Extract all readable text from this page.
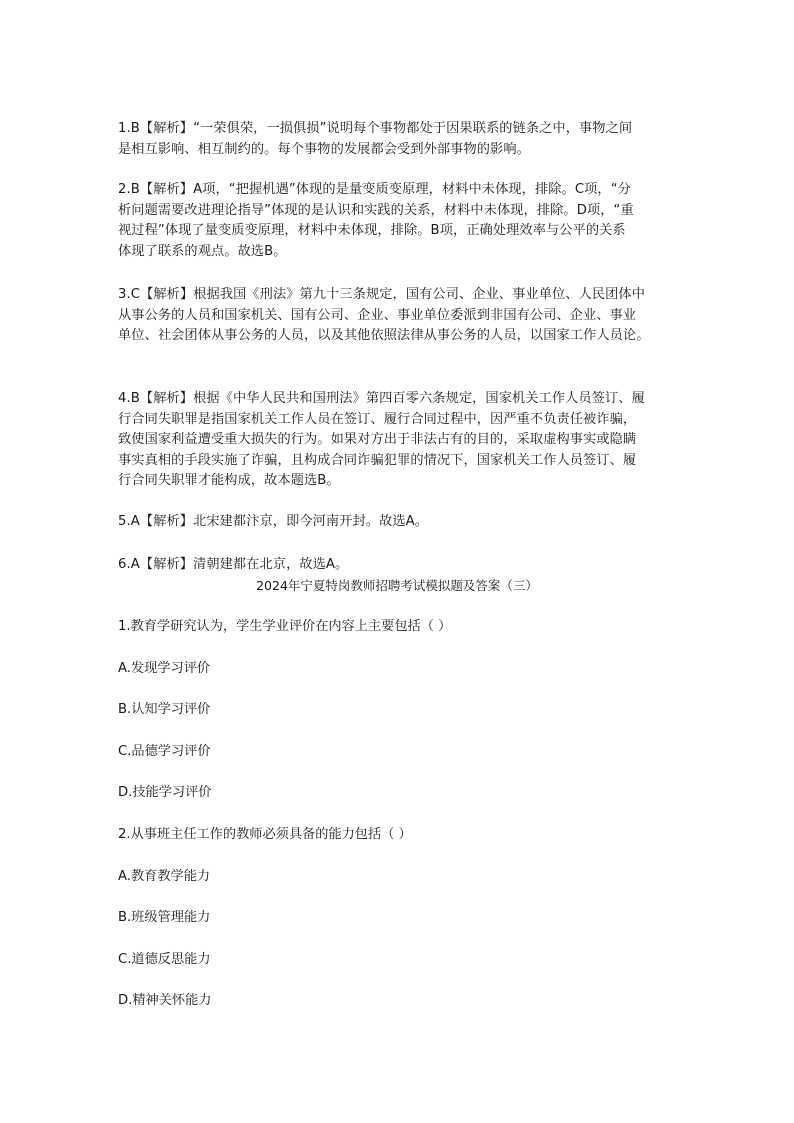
1.B【解析】“一荣俱荣，一损俱损”说明每个事物都处于因果联系的链条之中，事物之间
是相互影响、相互制约的。每个事物的发展都会受到外部事物的影响。
2.B【解析】A项，“把握机遇”体现的是量变质变原理，材料中未体现，排除。C项，“分
析问题需要改进理论指导”体现的是认识和实践的关系，材料中未体现，排除。D项，“重
视过程”体现了量变质变原理，材料中未体现，排除。B项，正确处理效率与公平的关系
体现了联系的观点。故选B。
3.C【解析】根据我国《刑法》第九十三条规定，国有公司、企业、事业单位、人民团体中
从事公务的人员和国家机关、国有公司、企业、事业单位委派到非国有公司、企业、事业
单位、社会团体从事公务的人员，以及其他依照法律从事公务的人员，以国家工作人员论。
4.B【解析】根据《中华人民共和国刑法》第四百零六条规定，国家机关工作人员签订、履
行合同失职罪是指国家机关工作人员在签订、履行合同过程中，因严重不负责任被诈骗，
致使国家利益遭受重大损失的行为。如果对方出于非法占有的目的，采取虚构事实或隐瞒
事实真相的手段实施了诈骗，且构成合同诈骗犯罪的情况下，国家机关工作人员签订、履
行合同失职罪才能构成，故本题选B。
5.A【解析】北宋建都汴京，即今河南开封。故选A。
6.A【解析】清朝建都在北京，故选A。
2024年宁夏特岗教师招聘考试模拟题及答案（三）
1.教育学研究认为，学生学业评价在内容上主要包括（ ）
A.发现学习评价
B.认知学习评价
C.品德学习评价
D.技能学习评价
2.从事班主任工作的教师必须具备的能力包括（ ）
A.教育教学能力
B.班级管理能力
C.道德反思能力
D.精神关怀能力
